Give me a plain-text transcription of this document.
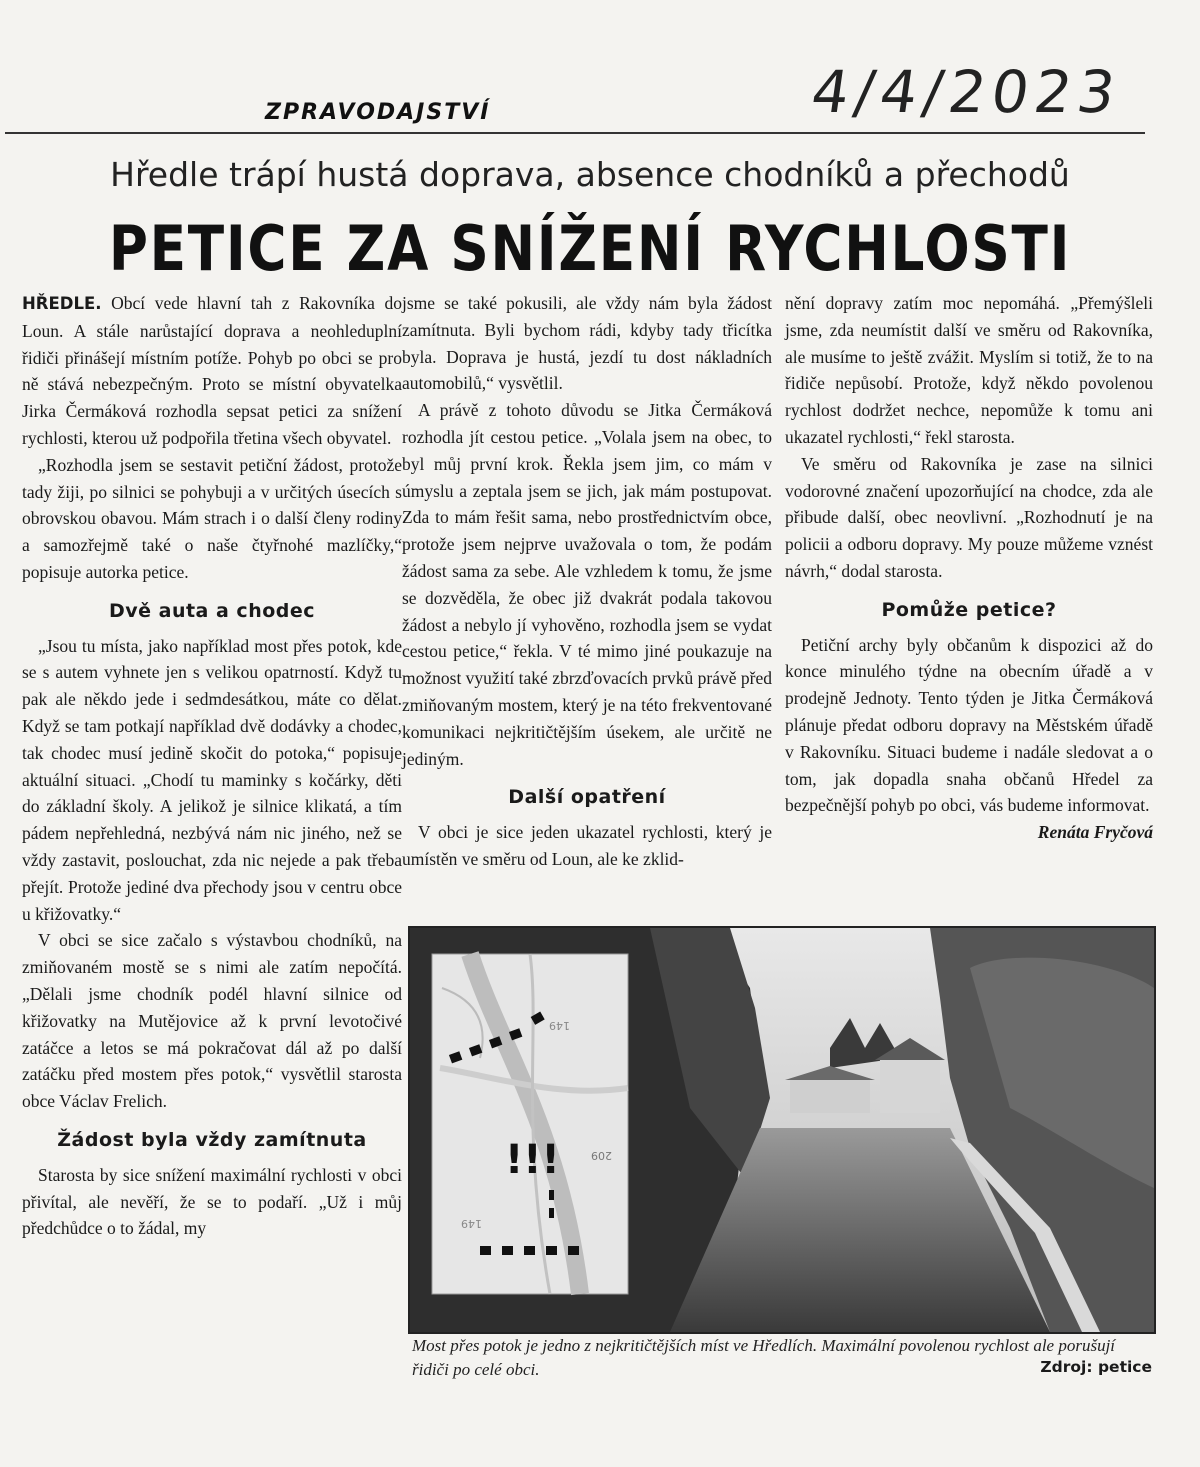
ZPRAVODAJSTVÍ	4/4/2023
Hředle trápí hustá doprava, absence chodníků a přechodů
PETICE ZA SNÍŽENÍ RYCHLOSTI

HŘEDLE. Obcí vede hlavní tah z Rakovníka do Loun. A stále narůstající doprava a neohleduplní řidiči přinášejí místním potíže. Pohyb po obci se pro ně stává nebezpečným. Proto se místní obyvatelka Jirka Čermáková rozhodla sepsat petici za snížení rychlosti, kterou už podpořila třetina všech obyvatel.

„Rozhodla jsem se sestavit petiční žádost, protože tady žiji, po silnici se pohybuji a v určitých úsecích s obrovskou obavou. Mám strach i o další členy rodiny a samozřejmě také o naše čtyřnohé mazlíčky,“ popisuje autorka petice.

Dvě auta a chodec

„Jsou tu místa, jako například most přes potok, kde se s autem vyhnete jen s velikou opatrností. Když tu pak ale někdo jede i sedmdesátkou, máte co dělat. Když se tam potkají například dvě dodávky a chodec, tak chodec musí jedině skočit do potoka,“ popisuje aktuální situaci. „Chodí tu maminky s kočárky, děti do základní školy. A jelikož je silnice klikatá, a tím pádem nepřehledná, nezbývá nám nic jiného, než se vždy zastavit, poslouchat, zda nic nejede a pak třeba přejít. Protože jediné dva přechody jsou v centru obce u křižovatky.“

V obci se sice začalo s výstavbou chodníků, na zmiňovaném mostě se s nimi ale zatím nepočítá. „Dělali jsme chodník podél hlavní silnice od křižovatky na Mutějovice až k první levotočivé zatáčce a letos se má pokračovat dál až po další zatáčku před mostem přes potok,“ vysvětlil starosta obce Václav Frelich.

Žádost byla vždy zamítnuta

Starosta by sice snížení maximální rychlosti v obci přivítal, ale nevěří, že se to podaří. „Už i můj předchůdce o to žádal, my

jsme se také pokusili, ale vždy nám byla žádost zamítnuta. Byli bychom rádi, kdyby tady třicítka byla. Doprava je hustá, jezdí tu dost nákladních automobilů,“ vysvětlil.

A právě z tohoto důvodu se Jitka Čermáková rozhodla jít cestou petice. „Volala jsem na obec, to byl můj první krok. Řekla jsem jim, co mám v úmyslu a zeptala jsem se jich, jak mám postupovat. Zda to mám řešit sama, nebo prostřednictvím obce, protože jsem nejprve uvažovala o tom, že podám žádost sama za sebe. Ale vzhledem k tomu, že jsme se dozvěděla, že obec již dvakrát podala takovou žádost a nebylo jí vyhověno, rozhodla jsem se vydat cestou petice,“ řekla. V té mimo jiné poukazuje na možnost využití také zbrzďovacích prvků právě před zmiňovaným mostem, který je na této frekventované komunikaci nejkritičtějším úsekem, ale určitě ne jediným.

Další opatření

V obci je sice jeden ukazatel rychlosti, který je umístěn ve směru od Loun, ale ke zklid-

nění dopravy zatím moc nepomáhá. „Přemýšleli jsme, zda neumístit další ve směru od Rakovníka, ale musíme to ještě zvážit. Myslím si totiž, že to na řidiče nepůsobí. Protože, když někdo povolenou rychlost dodržet nechce, nepomůže k tomu ani ukazatel rychlosti,“ řekl starosta.

Ve směru od Rakovníka je zase na silnici vodorovné značení upozorňující na chodce, zda ale přibude další, obec neovlivní. „Rozhodnutí je na policii a odboru dopravy. My pouze můžeme vznést návrh,“ dodal starosta.

Pomůže petice?

Petiční archy byly občanům k dispozici až do konce minulého týdne na obecním úřadě a v prodejně Jednoty. Tento týden je Jitka Čermáková plánuje předat odboru dopravy na Městském úřadě v Rakovníku. Situaci budeme i nadále sledovat a o tom, jak dopadla snaha občanů Hředel za bezpečnější pohyb po obci, vás budeme informovat.

Renáta Fryčová

149
!!!	209
149
Most přes potok je jedno z nejkritičtějších míst ve Hředlích. Maximální povolenou rychlost ale porušují řidiči po celé obci.	Zdroj: petice
